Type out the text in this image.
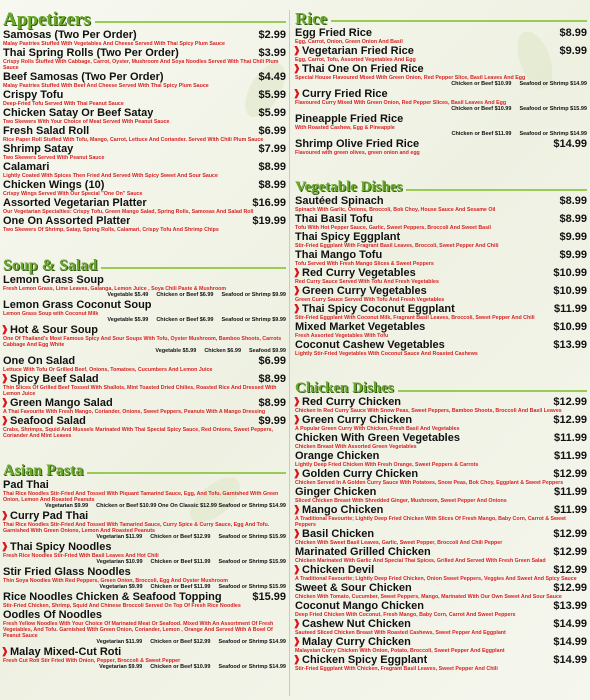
Appetizers
Samosas (Two Per Order)	$2.99
Malay Pastries Stuffed With Vegetables And Cheese Served With Thai Spicy Plum Sauce
Thai Spring Rolls (Two Per Order)	$3.99
Crispy Rolls Stuffed With Cabbage, Carrot, Oyster, Mushroom And Soya Noodles Served With Thai Chili Plum Sauce
Beef Samosas (Two Per Order)	$4.49
Malay Pastries Stuffed With Beef And Cheese Served With Thai Spicy Plum Sauce
Crispy Tofu	$5.99
Deep-Fried Tofu Served With Thai Peanut Sauce
Chicken Satay Or Beef Satay	$5.99
Two Skewers With Your Choice of Meat Served With Peanut Sauce
Fresh Salad Roll	$6.99
Rice Paper Roll Stuffed With Tofu, Mango, Carrot, Lettuce And Coriander. Served With Chili Plum Sauce
Shrimp Satay	$7.99
Two Skewers Served With Peanut Sauce
Calamari	$8.99
Lightly Coated With Spices Then Fried And Served With Spicy Sweet And Sour Sauce
Chicken Wings (10)	$8.99
Crispy Wings Served With Our Special "One On" Sauce
Assorted Vegetarian Platter	$16.99
Our Vegetarian Specialties: Crispy Tofu, Green Mango Salad, Spring Rolls, Samosas And Salad Roll
One On Assorted Platter	$19.99
Two Skewers Of Shrimp, Satay, Spring Rolls, Calamari, Crispy Tofu And Shrimp Chips
Soup & Salad
Lemon Grass Soup
Fresh Lemon Grass, Lime Leaves, Galanga, Lemon Juice , Soya Chili Paste & Mushroom
Vegetable $5.49 Chicken or Beef $6.99 Seafood or Shrimp $9.99
Lemon Grass Coconut Soup
Lemon Grass Soup with Coconut Milk
Vegetable $5.99 Chicken or Beef $6.99 Seafood or Shrimp $9.99
❱ Hot & Sour Soup
One Of Thailand's Most Famous Spicy And Sour Soups With Tofu, Oyster Mushroom, Bamboo Shoots, Carrots Cabbage And Egg White
Vegetable $5.99 Chicken $6.99 Seafood $9.99
One On Salad	$6.99
Lettuce With Tofu Or Grilled Beef, Onions, Tomatoes, Cucumbers And Lemon Juice
❱ Spicy Beef Salad	$8.99
Thin Slices Of Grilled Beef Tossed With Shallots, Mint Toasted Dried Chilies, Roasted Rice And Dressed With Lemon Juice
❱ Green Mango Salad	$8.99
A Thai Favourite With Fresh Mango, Coriander, Onions, Sweet Peppers, Peanuts With A Mango Dressing
❱ Seafood Salad	$9.99
Crabs, Shrimps, Squid And Mussels Marinated With Thai Special Spicy Sauce, Red Onions, Sweet Peppers, Coriander And Mint Leaves
Asian Pasta
Pad Thai
Thai Rice Noodles Stir-Fried And Tossed With Piquant Tamarind Sauce, Egg, And Tofu. Garnished With Green Onion, Lemon And Roasted Peanuts
Vegetarian $9.99 Chicken or Beef $10.99 One On Classic $12.99 Seafood or Shrimp $14.99
❱ Curry Pad Thai
Thai Rice Noodles Stir-Fried And Tossed With Tamarind Sauce, Curry Spice & Curry Sauce, Egg And Tofu. Garnished With Green Onions, Lemon And Roasted Peanuts
Vegetarian $11.99 Chicken or Beef $12.99 Seafood or Shrimp $15.99
❱ Thai Spicy Noodles
Fresh Rice Noodles Stir-Fried With Basil Leaves And Hot Chili
Vegetarian $10.99 Chicken or Beef $11.99 Seafood or Shrimp $15.99
Stir Fried Glass Noodles
Thin Soya Noodles With Red Peppers, Green Onion, Broccoli, Egg And Oyster Mushroom
Vegetarian $9.99 Chicken or Beef $11.99 Seafood or Shrimp $15.99
Rice Noodles Chicken & Seafood Topping	$15.99
Stir-Fried Chicken, Shrimp, Squid And Chinese Broccoli Served On Top Of Fresh Rice Noodles
Oodles Of Noodles
Fresh Yellow Noodles With Your Choice Of Marinated Meat Or Seafood. Mixed With An Assortment Of Fresh Vegetables, And Tofu. Garnished With Green Onion, Coriander, Lemon , Orange And Served With A Bowl Of Peanut Sauce
Vegetarian $11.99 Chicken or Beef $12.99 Seafood or Shrimp $14.99
❱ Malay Mixed-Cut Roti
Fresh Cut Roti Stir Fried With Onion, Pepper, Broccoli & Sweet Pepper
Vegetarian $9.99 Chicken or Beef $10.99 Seafood or Shrimp $14.99
Rice
Egg Fried Rice	$8.99
Egg, Carrot, Onion, Green Onion And Basil
❱ Vegetarian Fried Rice	$9.99
Egg, Carrot, Tofu, Assorted Vegetables And Egg
❱ Thai One On Fried Rice
Special House Flavoured Mixed With Green Onion, Red Pepper Slice, Basil Leaves And Egg
Chicken or Beef $10.99 Seafood or Shrimp $14.99
❱ Curry Fried Rice
Flavoured Curry Mixed With Green Onion, Red Pepper Slices, Basil Leaves And Egg
Chicken or Beef $10.99 Seafood or Shrimp $15.99
Pineapple Fried Rice
With Roasted Cashew, Egg & Pineapple
Chicken or Beef $11.99 Seafood or Shrimp $14.99
Shrimp Olive Fried Rice	$14.99
Flavoured with green olives, green onion and egg
Vegetable Dishes
Sautéed Spinach	$8.99
Spinach With Garlic, Onions, Broccoli, Bok Choy, House Sauce And Sesame Oil
Thai Basil Tofu	$8.99
Tofu With Hot Pepper Sauce, Garlic, Sweet Peppers, Broccoli And Sweet Basil
Thai Spicy Eggplant	$9.99
Stir-Fried Eggplant With Fragrant Basil Leaves, Broccoli, Sweet Pepper And Chili
Thai Mango Tofu	$9.99
Tofu Served With Fresh Mango Slices & Sweet Peppers
❱ Red Curry Vegetables	$10.99
Red Curry Sauce Served With Tofu And Fresh Vegetables
❱ Green Curry Vegetables	$10.99
Green Curry Sauce Served With Tofu And Fresh Vegetables
❱ Thai Spicy Coconut Eggplant	$11.99
Stir-Fried Eggplant With Coconut Milk, Fragrant Basil Leaves, Broccoli, Sweet Pepper And Chili
Mixed Market Vegetables	$10.99
Fresh Assorted Vegetables With Tofu
Coconut Cashew Vegetables	$13.99
Lightly Stir-Fried Vegetables With Coconut Sauce And Roasted Cashews
Chicken Dishes
❱ Red Curry Chicken	$12.99
Chicken In Red Curry Sauce With Snow Peas, Sweet Peppers, Bamboo Shoots, Broccoli And Basil Leaves
❱ Green Curry Chicken	$12.99
A Popular Green Curry With Chicken, Fresh Basil And Vegetables
Chicken With Green Vegetables	$11.99
Chicken Breast With Assorted Green Vegetables
Orange Chicken	$11.99
Lightly Deep Fried Chicken With Fresh Orange, Sweet Peppers & Carrots
❱ Golden Curry Chicken	$12.99
Chicken Served In A Golden Curry Sauce With Potatoes, Snow Peas, Bok Choy, Eggplant & Sweet Peppers
Ginger Chicken	$11.99
Sliced Chicken Breast With Shredded Ginger, Mushroom, Sweet Pepper And Onions
❱ Mango Chicken	$11.99
A Traditional Favourite; Lightly Deep Fried Chicken With Slices Of Fresh Mango, Baby Corn, Carrot & Sweet Peppers
❱ Basil Chicken	$12.99
Chicken With Sweet Basil Leaves, Garlic, Sweet Pepper, Broccoli And Chili Pepper
Marinated Grilled Chicken	$12.99
Chicken Marinated With Garlic And Special Thai Spices, Grilled And Served With Fresh Green Salad
❱ Chicken Devil	$12.99
A Traditional Favourite; Lightly Deep Fried Chicken, Onion Sweet Peppers, Veggies And Sweet And Spicy Sauce
Sweet & Sour Chicken	$12.99
Chicken With Tomato, Cucumber, Sweet Peppers, Mango, Marinated With Our Own Sweet And Sour Sauce
Coconut Mango Chicken	$13.99
Deep Fried Chicken With Coconut, Fresh Mango, Baby Corn, Carrot And Sweet Peppers
❱ Cashew Nut Chicken	$14.99
Sauteed Sliced Chicken Breast With Roasted Cashews, Sweet Pepper And Eggplant
❱ Malay Curry Chicken	$14.99
Malaysian Curry Chicken With Onion, Potato, Broccoli, Sweet Pepper And Eggplant
❱ Chicken Spicy Eggplant	$14.99
Stir-Fried Eggplant With Chicken, Fragrant Basil Leaves, Sweet Pepper And Chili
